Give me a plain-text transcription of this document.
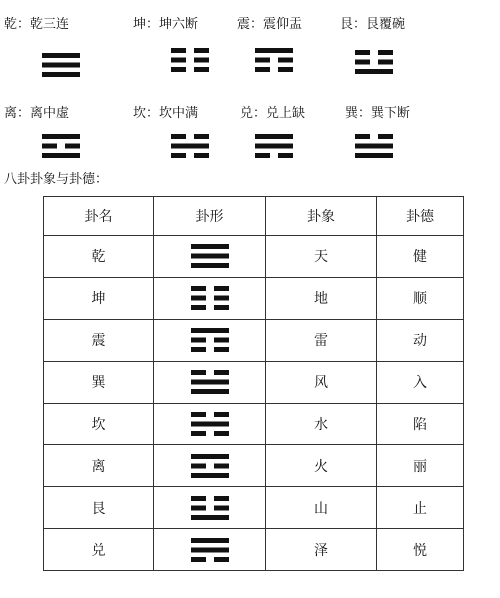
乾：乾三连	坤：坤六断	震：震仰盂	艮：艮覆碗
离：离中虚	坎：坎中满	兑：兑上缺	巽：巽下断
八卦卦象与卦德：
卦名	卦形	卦象	卦德
乾		天	健
坤		地	顺
震		雷	动
巽		风	入
坎		水	陷
离		火	丽
艮		山	止
兑		泽	悦
